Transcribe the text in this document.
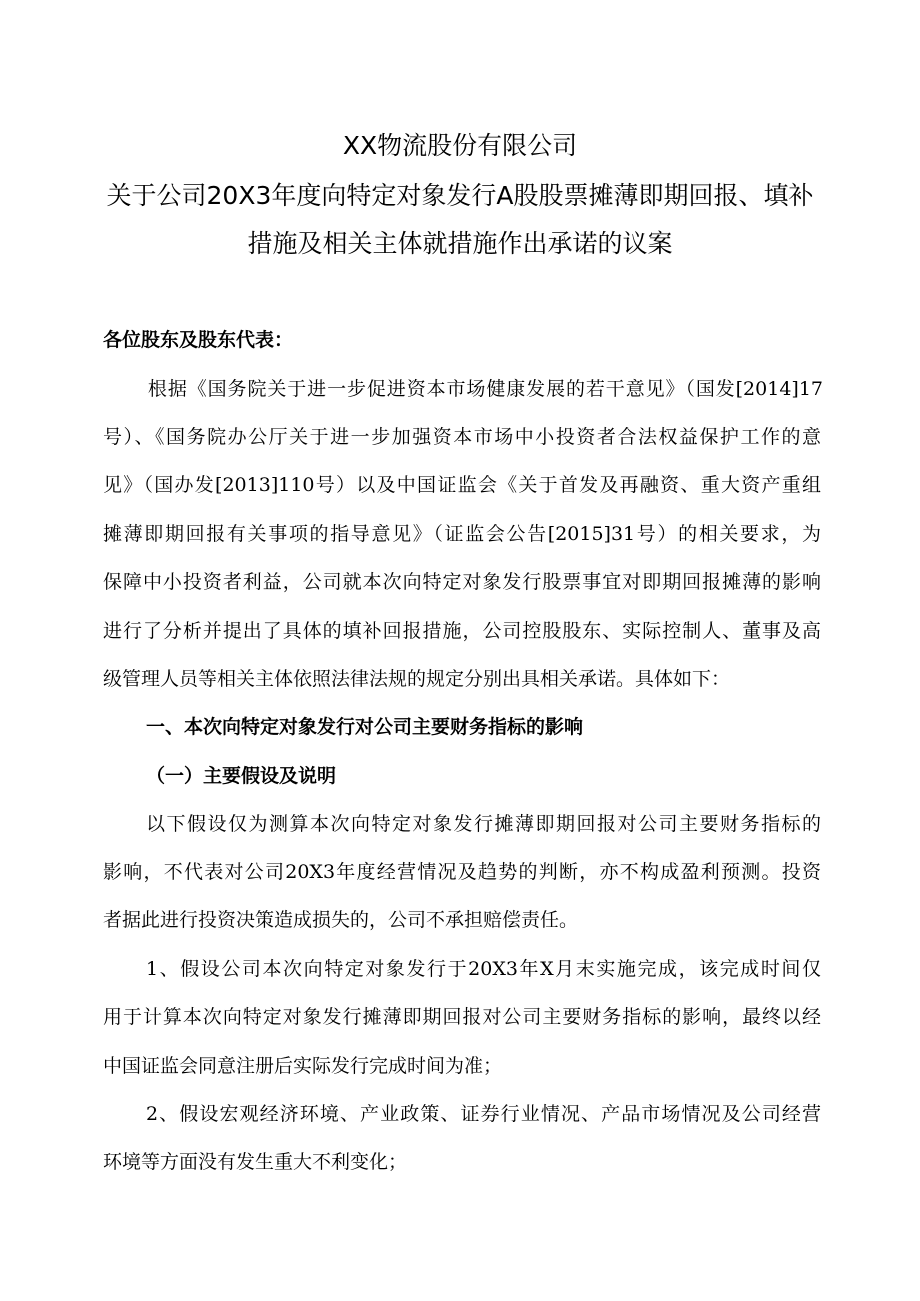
XX物流股份有限公司
关于公司20X3年度向特定对象发行A股股票摊薄即期回报、填补
措施及相关主体就措施作出承诺的议案
各位股东及股东代表：
根据《国务院关于进一步促进资本市场健康发展的若干意见》（国发[2014]17
号）、《国务院办公厅关于进一步加强资本市场中小投资者合法权益保护工作的意
见》（国办发[2013]110号）以及中国证监会《关于首发及再融资、重大资产重组
摊薄即期回报有关事项的指导意见》（证监会公告[2015]31号）的相关要求，为
保障中小投资者利益，公司就本次向特定对象发行股票事宜对即期回报摊薄的影响
进行了分析并提出了具体的填补回报措施，公司控股股东、实际控制人、董事及高
级管理人员等相关主体依照法律法规的规定分别出具相关承诺。具体如下：
一、本次向特定对象发行对公司主要财务指标的影响
（一）主要假设及说明
以下假设仅为测算本次向特定对象发行摊薄即期回报对公司主要财务指标的
影响，不代表对公司20X3年度经营情况及趋势的判断，亦不构成盈利预测。投资
者据此进行投资决策造成损失的，公司不承担赔偿责任。
1、假设公司本次向特定对象发行于20X3年X月末实施完成，该完成时间仅
用于计算本次向特定对象发行摊薄即期回报对公司主要财务指标的影响，最终以经
中国证监会同意注册后实际发行完成时间为准；
2、假设宏观经济环境、产业政策、证券行业情况、产品市场情况及公司经营
环境等方面没有发生重大不利变化；
